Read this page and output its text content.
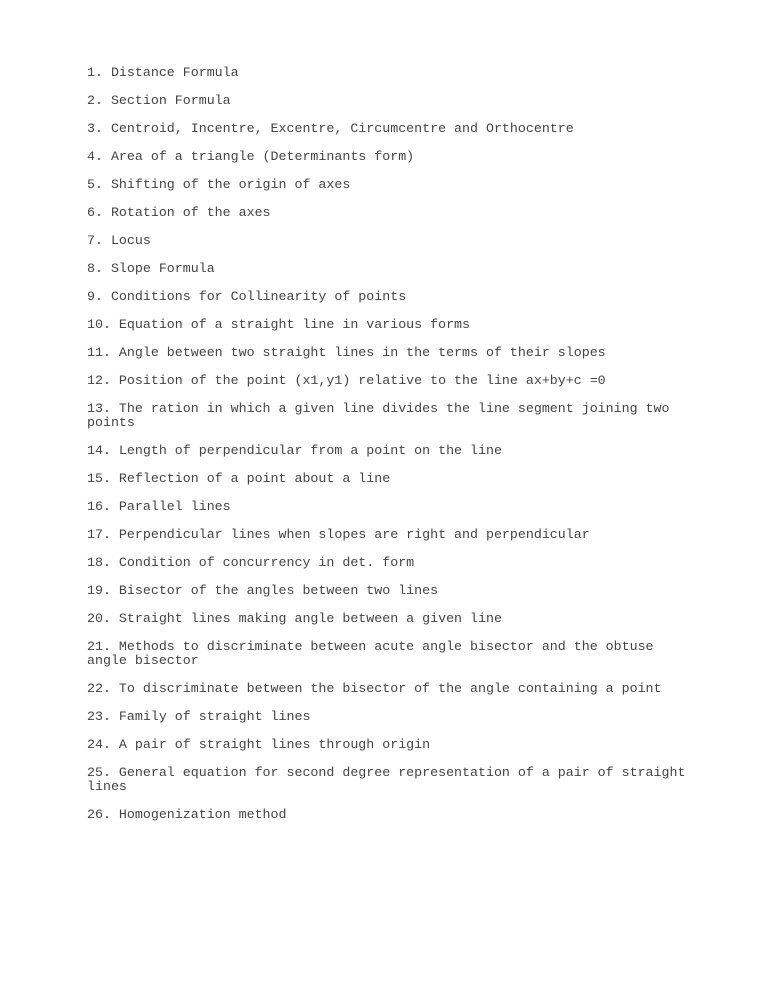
1. Distance Formula

2. Section Formula

3. Centroid, Incentre, Excentre, Circumcentre and Orthocentre

4. Area of a triangle (Determinants form)

5. Shifting of the origin of axes

6. Rotation of the axes

7. Locus

8. Slope Formula

9. Conditions for Collinearity of points

10. Equation of a straight line in various forms

11. Angle between two straight lines in the terms of their slopes

12. Position of the point (x1,y1) relative to the line ax+by+c =0

13. The ration in which a given line divides the line segment joining two points

14. Length of perpendicular from a point on the line

15. Reflection of a point about a line

16. Parallel lines

17. Perpendicular lines when slopes are right and perpendicular

18. Condition of concurrency in det. form

19. Bisector of the angles between two lines

20. Straight lines making angle between a given line

21. Methods to discriminate between acute angle bisector and the obtuse angle bisector

22. To discriminate between the bisector of the angle containing a point

23. Family of straight lines

24. A pair of straight lines through origin

25. General equation for second degree representation of a pair of straight lines

26. Homogenization method
